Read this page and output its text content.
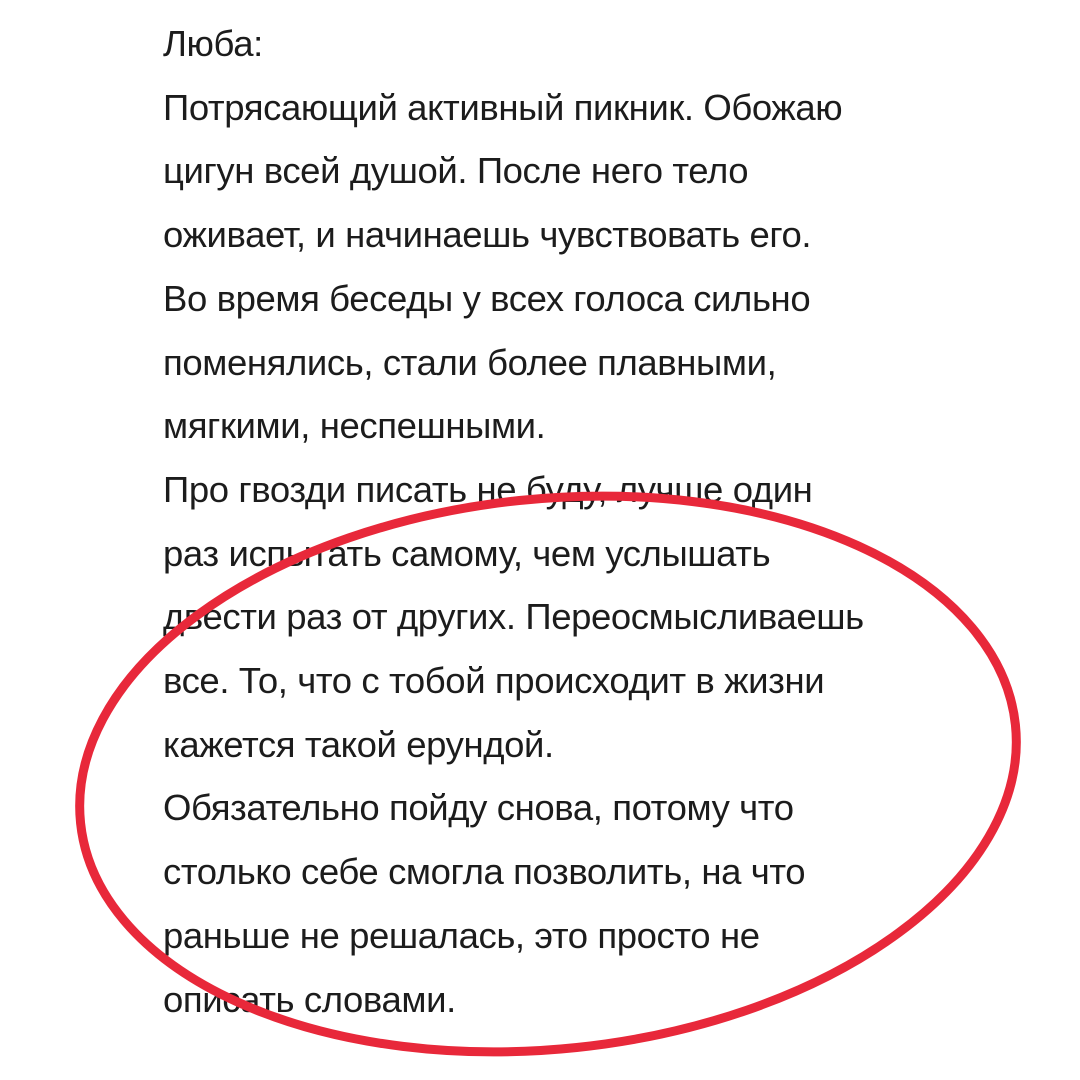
Люба:
Потрясающий активный пикник. Обожаю
цигун всей душой. После него тело
оживает, и начинаешь чувствовать его.
Во время беседы у всех голоса сильно
поменялись, стали более плавными,
мягкими, неспешными.
Про гвозди писать не буду, лучше один
раз испытать самому, чем услышать
двести раз от других. Переосмысливаешь
все. То, что с тобой происходит в жизни
кажется такой ерундой.
Обязательно пойду снова, потому что
столько себе смогла позволить, на что
раньше не решалась, это просто не
описать словами.
